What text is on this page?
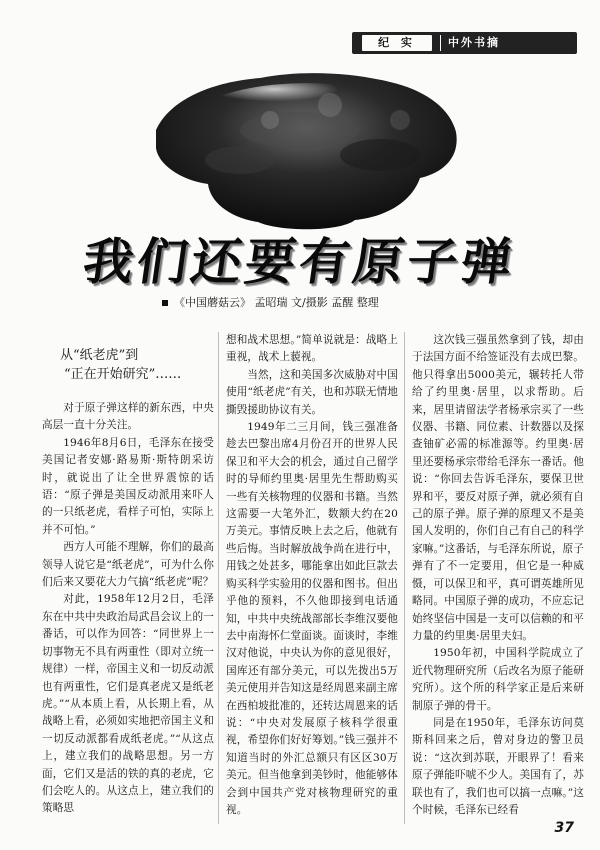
纪 实	中外书摘
我们还要有原子弹
《中国蘑菇云》 孟昭瑞 文/摄影 孟醒 整理
从“纸老虎”到
“正在开始研究”……

对于原子弹这样的新东西，中央高层一直十分关注。

1946年8月6日，毛泽东在接受美国记者安娜·路易斯·斯特朗采访时，就说出了让全世界震惊的话语：“原子弹是美国反动派用来吓人的一只纸老虎，看样子可怕，实际上并不可怕。”

西方人可能不理解，你们的最高领导人说它是“纸老虎”，可为什么你们后来又要花大力气搞“纸老虎”呢？

对此，1958年12月2日，毛泽东在中共中央政治局武昌会议上的一番话，可以作为回答：“同世界上一切事物无不具有两重性（即对立统一规律）一样，帝国主义和一切反动派也有两重性，它们是真老虎又是纸老虎。”“从本质上看，从长期上看，从战略上看，必须如实地把帝国主义和一切反动派都看成纸老虎。”“从这点上，建立我们的战略思想。另一方面，它们又是活的铁的真的老虎，它们会吃人的。从这点上，建立我们的策略思

想和战术思想。”简单说就是：战略上重视，战术上藐视。

当然，这和美国多次威胁对中国使用“纸老虎”有关，也和苏联无情地撕毁援助协议有关。

1949年二三月间，钱三强准备趁去巴黎出席4月份召开的世界人民保卫和平大会的机会，通过自己留学时的导师约里奥·居里先生帮助购买一些有关核物理的仪器和书籍。当然这需要一大笔外汇，数额大约在20万美元。事情反映上去之后，他就有些后悔。当时解放战争尚在进行中，用钱之处甚多，哪能拿出如此巨款去购买科学实验用的仪器和图书。但出乎他的预料，不久他即接到电话通知，中共中央统战部部长李维汉要他去中南海怀仁堂面谈。面谈时，李维汉对他说，中央认为你的意见很好，国库还有部分美元，可以先拨出5万美元使用并告知这是经周恩来副主席在西柏坡批准的，还转达周恩来的话说：“中央对发展原子核科学很重视，希望你们好好筹划。”钱三强并不知道当时的外汇总额只有区区30万美元。但当他拿到美钞时，他能够体会到中国共产党对核物理研究的重视。

这次钱三强虽然拿到了钱，却由于法国方面不给签证没有去成巴黎。他只得拿出5000美元，辗转托人带给了约里奥·居里，以求帮助。后来，居里请留法学者杨承宗买了一些仪器、书籍、同位素、计数器以及探查铀矿必需的标准源等。约里奥·居里还要杨承宗带给毛泽东一番话。他说：“你回去告诉毛泽东，要保卫世界和平，要反对原子弹，就必须有自己的原子弹。原子弹的原理又不是美国人发明的，你们自己有自己的科学家嘛。”这番话，与毛泽东所说，原子弹有了不一定要用，但它是一种威慑，可以保卫和平，真可谓英雄所见略同。中国原子弹的成功，不应忘记始终坚信中国是一支可以信赖的和平力量的约里奥·居里夫妇。

1950年初，中国科学院成立了近代物理研究所（后改名为原子能研究所）。这个所的科学家正是后来研制原子弹的骨干。

同是在1950年，毛泽东访问莫斯科回来之后，曾对身边的警卫员说：“这次到苏联，开眼界了！看来原子弹能吓唬不少人。美国有了，苏联也有了，我们也可以搞一点嘛。”这个时候，毛泽东已经看

37
